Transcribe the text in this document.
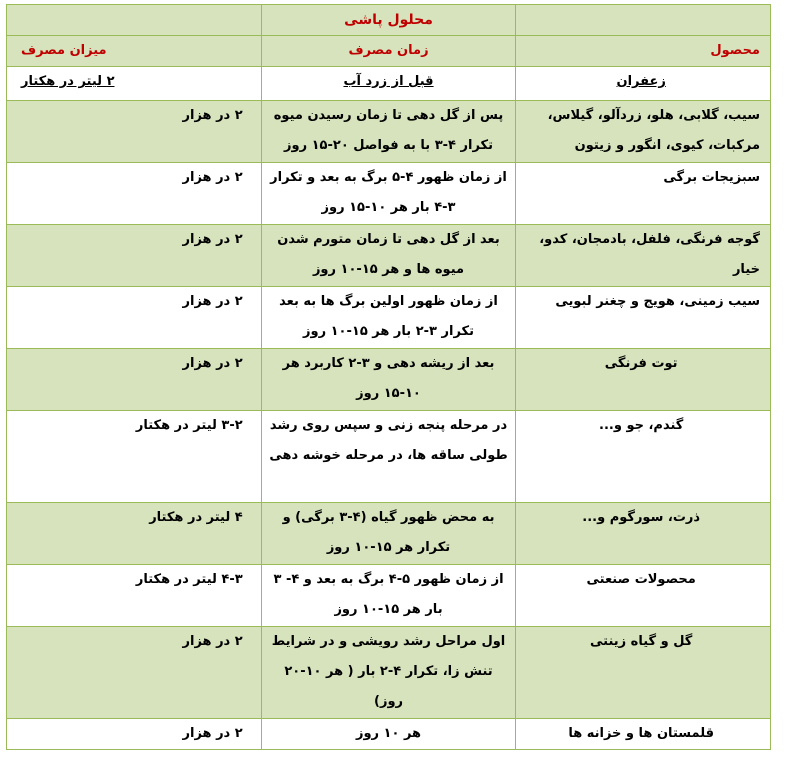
	محلول پاشی	
محصول	زمان مصرف	میزان مصرف
زعفران	قبل از زرد آب	۲ لیتر در هکتار
سیب، گلابی، هلو، زردآلو، گیلاس، مرکبات، کیوی، انگور و زیتون	پس از گل دهی تا زمان رسیدن میوه تکرار ۴-۳ با به فواصل ۲۰-۱۵ روز	۲ در هزار
سبزیجات برگی	از زمان ظهور ۴-۵ برگ به بعد و تکرار ۳-۴ بار هر ۱۰-۱۵ روز	۲ در هزار
گوجه فرنگی، فلفل، بادمجان، کدو، خیار	بعد از گل دهی تا زمان متورم شدن میوه ها و هر ۱۵-۱۰ روز	۲ در هزار
سیب زمینی، هویج و چغنر لبویی	از زمان ظهور اولین برگ ها به بعد تکرار ۳-۲ بار هر ۱۵-۱۰ روز	۲ در هزار
توت فرنگی	بعد از ریشه دهی و ۳-۲ کاربرد هر ۱۰-۱۵ روز	۲ در هزار
گندم، جو و...	در مرحله پنجه زنی و سپس روی رشد طولی ساقه ها، در مرحله خوشه دهی	۳-۲ لیتر در هکتار
ذرت، سورگوم و...	به محض ظهور گیاه (۴-۳ برگی) و تکرار هر ۱۵-۱۰ روز	۴ لیتر در هکتار
محصولات صنعتی	از زمان ظهور ۵-۴ برگ به بعد و ۴- ۳ بار هر ۱۵-۱۰ روز	۴-۳ لیتر در هکتار
گل و گیاه زینتی	اول مراحل رشد رویشی و در شرایط تنش زا، تکرار ۴-۲ بار ( هر ۱۰-۲۰ روز)	۲ در هزار
قلمستان ها و خزانه ها	هر ۱۰ روز	۲ در هزار
